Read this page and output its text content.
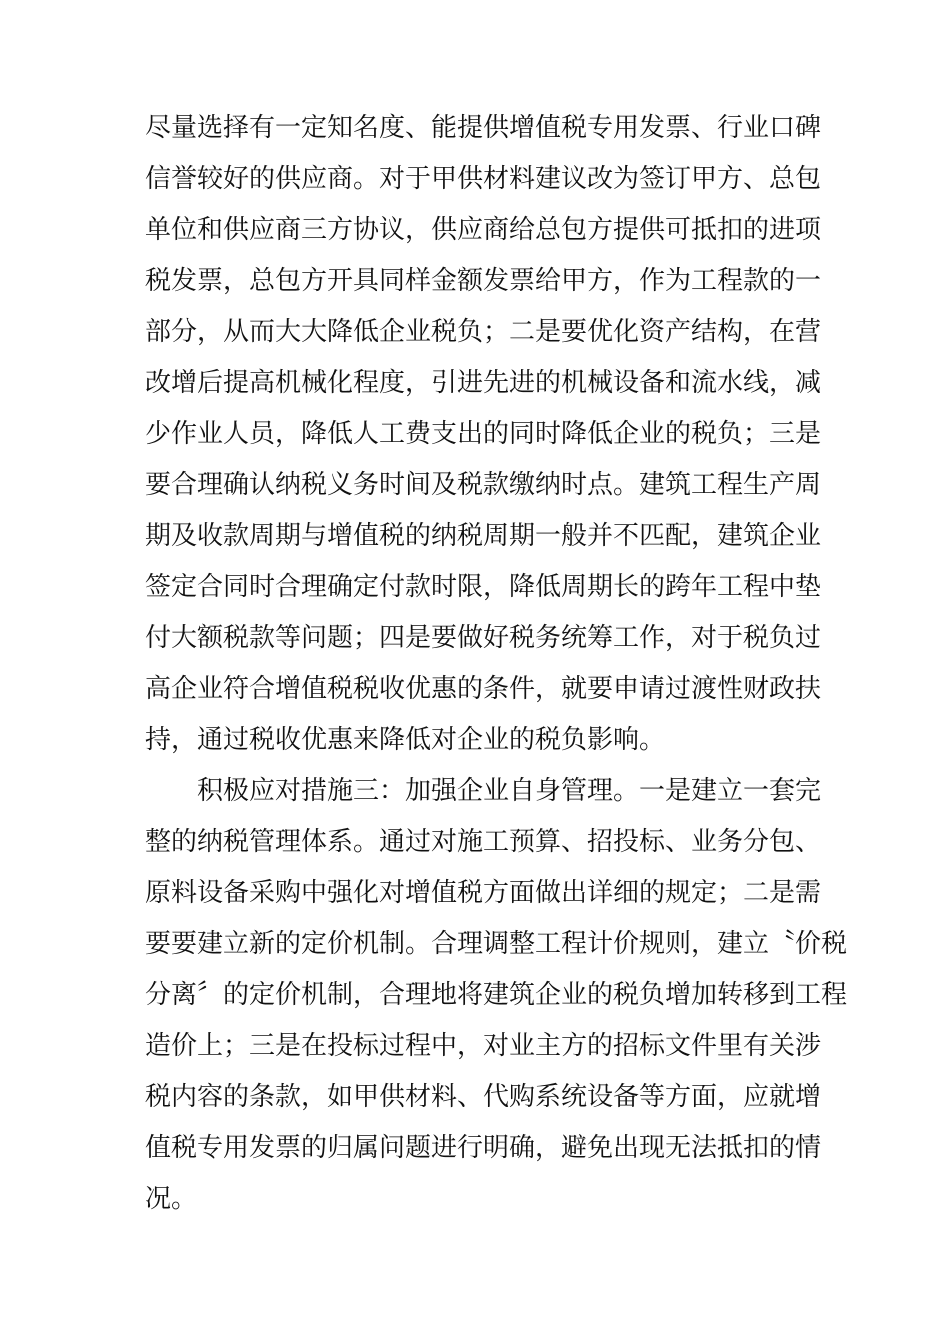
尽量选择有一定知名度、能提供增值税专用发票、行业口碑
信誉较好的供应商。对于甲供材料建议改为签订甲方、总包
单位和供应商三方协议，供应商给总包方提供可抵扣的进项
税发票，总包方开具同样金额发票给甲方，作为工程款的一
部分，从而大大降低企业税负；二是要优化资产结构，在营
改增后提高机械化程度，引进先进的机械设备和流水线，减
少作业人员，降低人工费支出的同时降低企业的税负；三是
要合理确认纳税义务时间及税款缴纳时点。建筑工程生产周
期及收款周期与增值税的纳税周期一般并不匹配，建筑企业
签定合同时合理确定付款时限，降低周期长的跨年工程中垫
付大额税款等问题；四是要做好税务统筹工作，对于税负过
高企业符合增值税税收优惠的条件，就要申请过渡性财政扶
持，通过税收优惠来降低对企业的税负影响。
积极应对措施三：加强企业自身管理。一是建立一套完
整的纳税管理体系。通过对施工预算、招投标、业务分包、
原料设备采购中强化对增值税方面做出详细的规定；二是需
要要建立新的定价机制。合理调整工程计价规则，建立〝价税
分离〞的定价机制，合理地将建筑企业的税负增加转移到工程
造价上；三是在投标过程中，对业主方的招标文件里有关涉
税内容的条款，如甲供材料、代购系统设备等方面，应就增
值税专用发票的归属问题进行明确，避免出现无法抵扣的情
况。
